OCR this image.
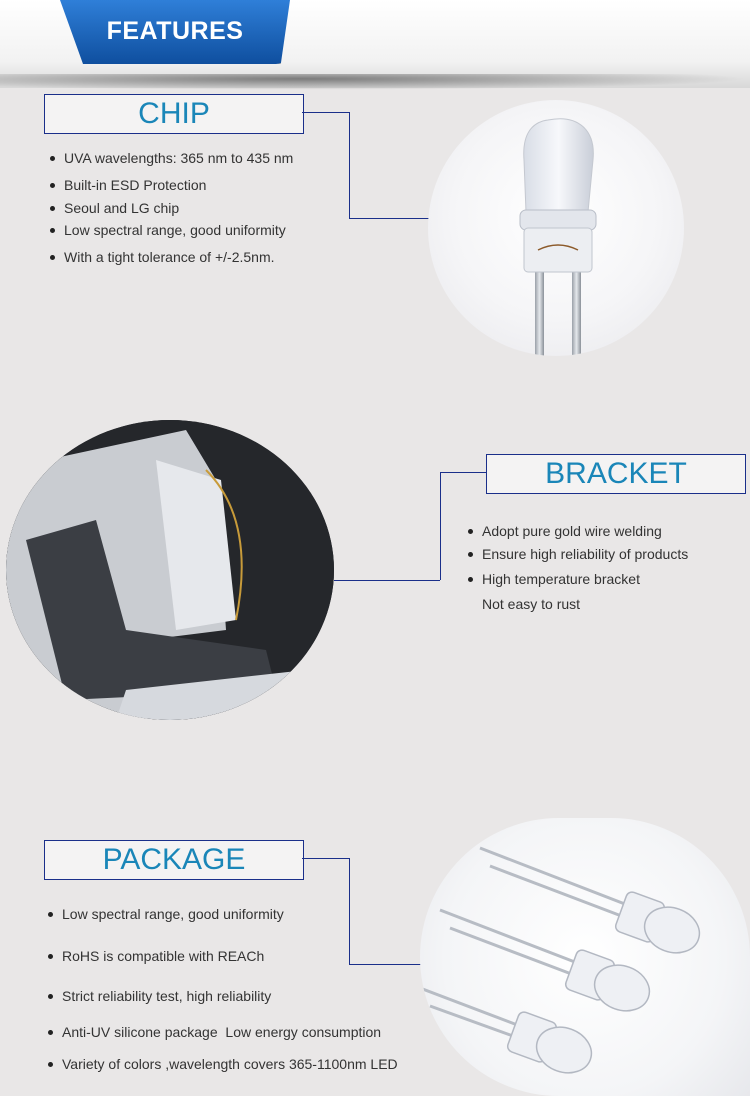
FEATURES
CHIP
UVA wavelengths: 365 nm to 435 nm
Built-in ESD Protection
Seoul and LG chip
Low spectral range, good uniformity
With a tight tolerance of +/-2.5nm.
BRACKET
Adopt pure gold wire welding
Ensure high reliability of products
High temperature bracket
Not easy to rust
PACKAGE
Low spectral range, good uniformity
RoHS is compatible with REACh
Strict reliability test, high reliability
Anti-UV silicone package Low energy consumption
Variety of colors ,wavelength covers 365-1100nm LED
